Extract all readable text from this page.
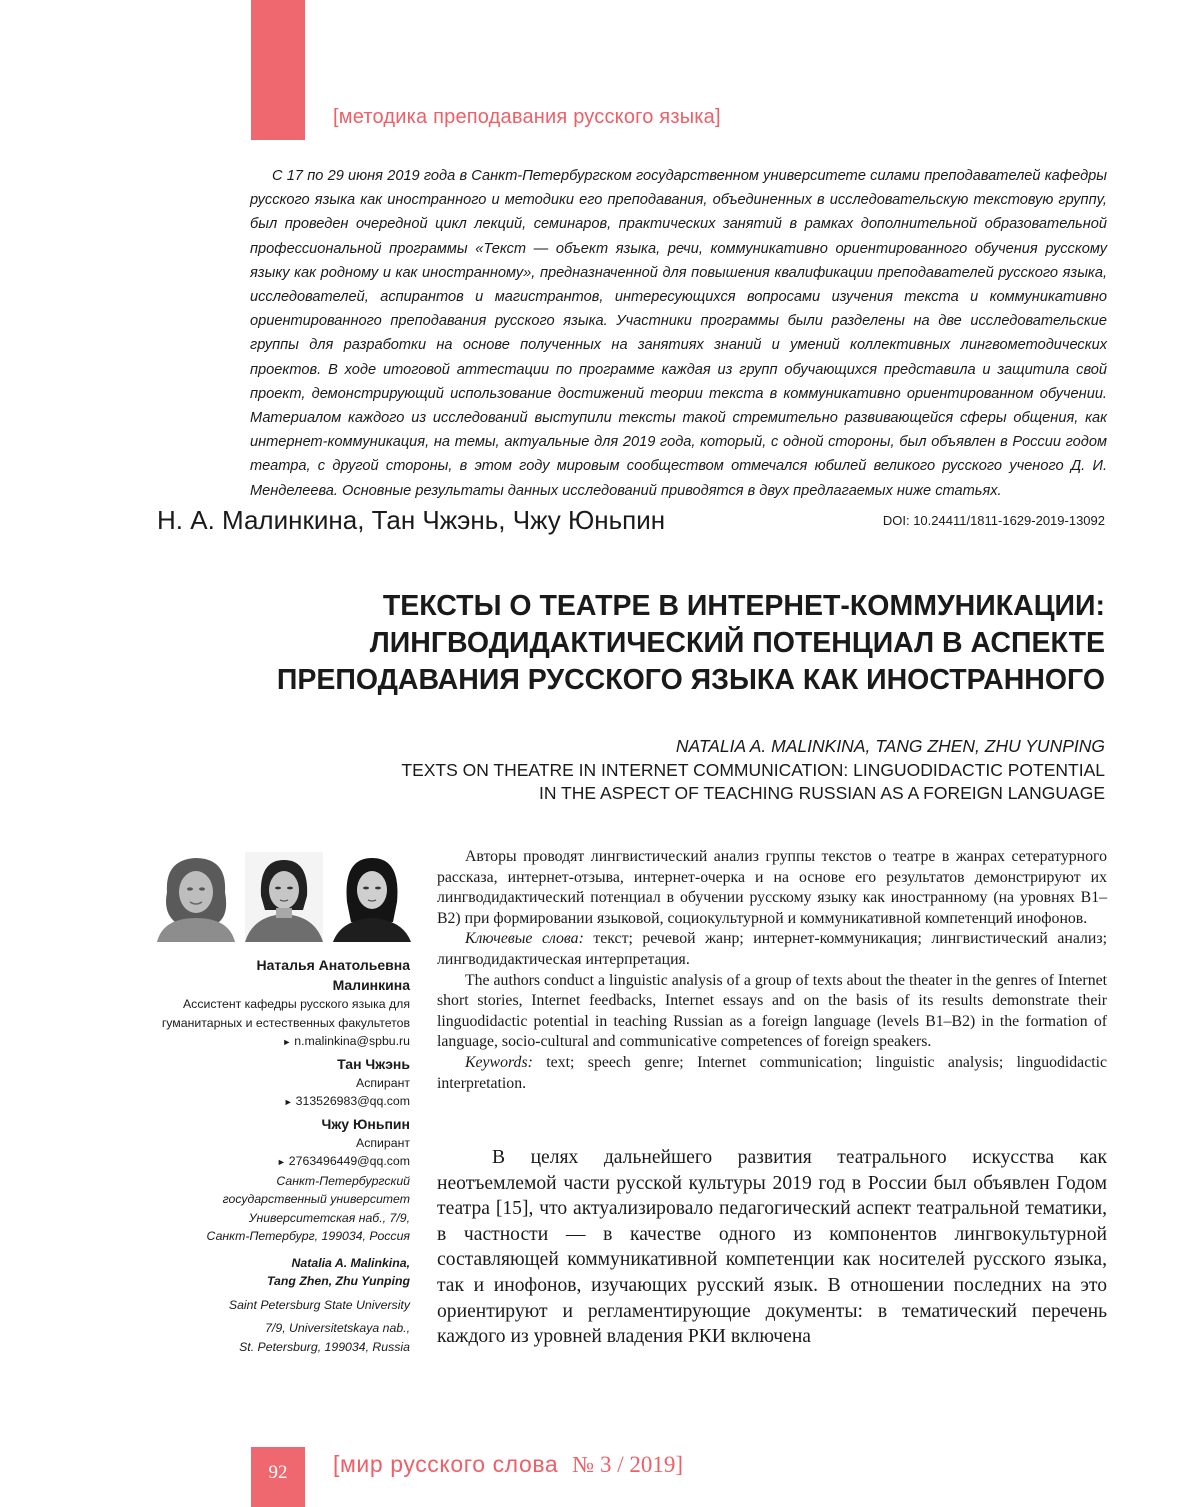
[методика преподавания русского языка]

С 17 по 29 июня 2019 года в Санкт-Петербургском государственном университете силами преподавателей кафедры русского языка как иностранного и методики его преподавания, объединенных в исследовательскую текстовую группу, был проведен очередной цикл лекций, семинаров, практических занятий в рамках дополнительной образовательной профессиональной программы «Текст — объект языка, речи, коммуникативно ориентированного обучения русскому языку как родному и как иностранному», предназначенной для повышения квалификации преподавателей русского языка, исследователей, аспирантов и магистрантов, интересующихся вопросами изучения текста и коммуникативно ориентированного преподавания русского языка. Участники программы были разделены на две исследовательские группы для разработки на основе полученных на занятиях знаний и умений коллективных лингвометодических проектов. В ходе итоговой аттестации по программе каждая из групп обучающихся представила и защитила свой проект, демонстрирующий использование достижений теории текста в коммуникативно ориентированном обучении. Материалом каждого из исследований выступили тексты такой стремительно развивающейся сферы общения, как интернет-коммуникация, на темы, актуальные для 2019 года, который, с одной стороны, был объявлен в России годом театра, с другой стороны, в этом году мировым сообществом отмечался юбилей великого русского ученого Д. И. Менделеева. Основные результаты данных исследований приводятся в двух предлагаемых ниже статьях.

Н. А. Малинкина, Тан Чжэнь, Чжу Юньпин	DOI: 10.24411/1811-1629-2019-13092
ТЕКСТЫ О ТЕАТРЕ В ИНТЕРНЕТ-КОММУНИКАЦИИ:
ЛИНГВОДИДАКТИЧЕСКИЙ ПОТЕНЦИАЛ В АСПЕКТЕ
ПРЕПОДАВАНИЯ РУССКОГО ЯЗЫКА КАК ИНОСТРАННОГО
NATALIA A. MALINKINA, TANG ZHEN, ZHU YUNPING
TEXTS ON THEATRE IN INTERNET COMMUNICATION: LINGUODIDACTIC POTENTIAL
IN THE ASPECT OF TEACHING RUSSIAN AS A FOREIGN LANGUAGE
Наталья Анатольевна
Малинкина
Ассистент кафедры русского языка для
гуманитарных и естественных факультетов
► n.malinkina@spbu.ru
Тан Чжэнь
Аспирант
► 313526983@qq.com
Чжу Юньпин
Аспирант
► 2763496449@qq.com
Санкт-Петербургский
государственный университет
Университетская наб., 7/9,
Санкт-Петербург, 199034, Россия
Natalia A. Malinkina,
Tang Zhen, Zhu Yunping
Saint Petersburg State University
7/9, Universitetskaya nab.,
St. Petersburg, 199034, Russia

Авторы проводят лингвистический анализ группы текстов о театре в жанрах сетературного рассказа, интернет-отзыва, интернет-очерка и на основе его результатов демонстрируют их лингводидактический потенциал в обучении русскому языку как иностранному (на уровнях B1–B2) при формировании языковой, социокультурной и коммуникативной компетенций инофонов.

Ключевые слова: текст; речевой жанр; интернет-коммуникация; лингвистический анализ; лингводидактическая интерпретация.

The authors conduct a linguistic analysis of a group of texts about the theater in the genres of Internet short stories, Internet feedbacks, Internet essays and on the basis of its results demonstrate their linguodidactic potential in teaching Russian as a foreign language (levels B1–B2) in the formation of language, socio-cultural and communicative competences of foreign speakers.

Keywords: text; speech genre; Internet communication; linguistic analysis; linguodidactic interpretation.

В целях дальнейшего развития театрального искусства как неотъемлемой части русской культуры 2019 год в России был объявлен Годом театра [15], что актуализировало педагогический аспект театральной тематики, в частности — в качестве одного из компонентов лингвокультурной составляющей коммуникативной компетенции как носителей русского языка, так и инофонов, изучающих русский язык. В отношении последних на это ориентируют и регламентирующие документы: в тематический перечень каждого из уровней владения РКИ включена

92	[мир русского слова № 3 / 2019]
